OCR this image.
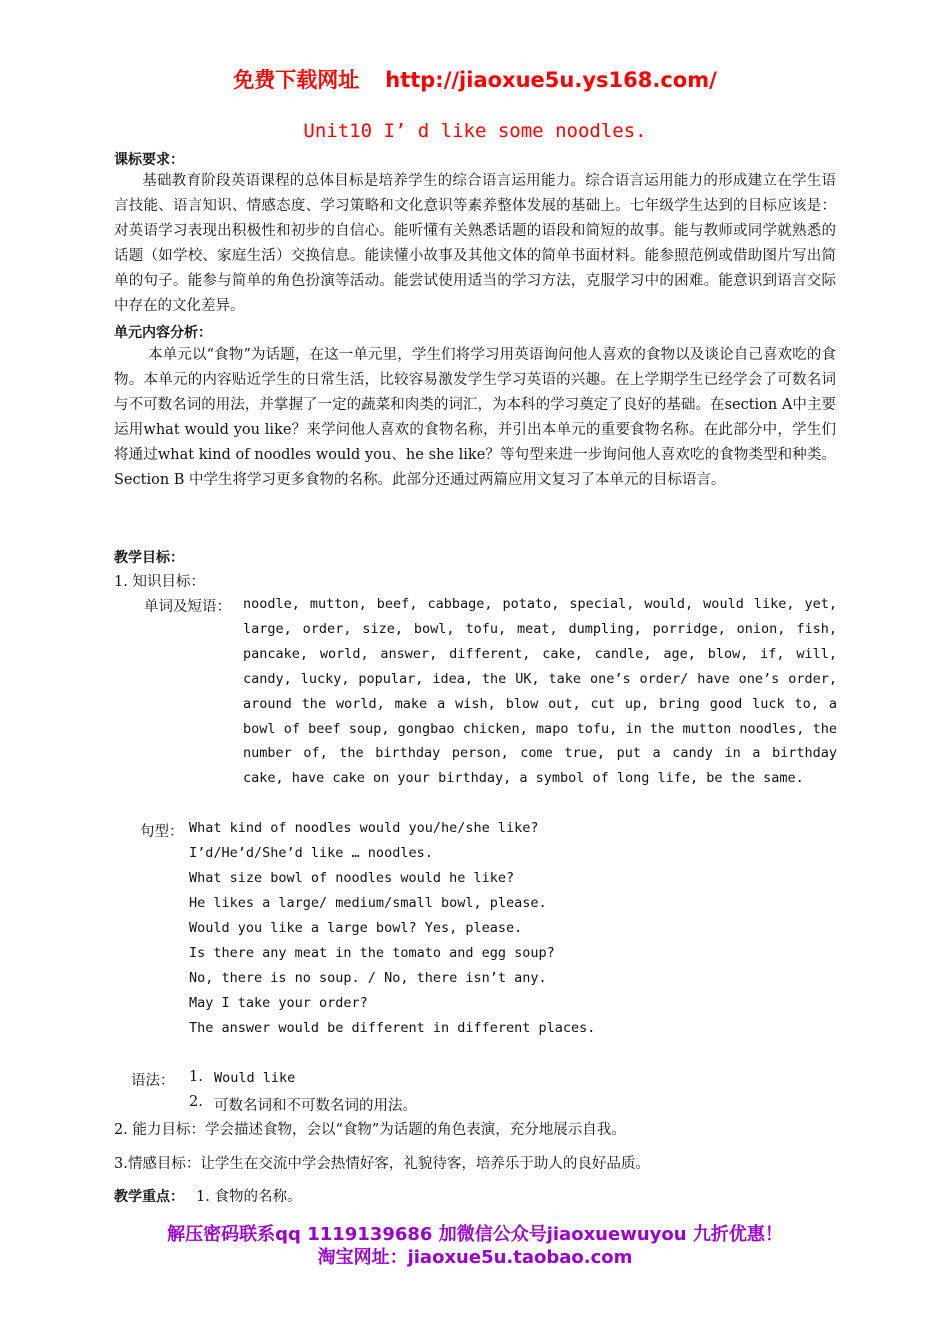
免费下载网址 http://jiaoxue5u.ys168.com/
Unit10 I’ d like some noodles.
课标要求：

基础教育阶段英语课程的总体目标是培养学生的综合语言运用能力。综合语言运用能力的形成建立在学生语言技能、语言知识、情感态度、学习策略和文化意识等素养整体发展的基础上。七年级学生达到的目标应该是：对英语学习表现出积极性和初步的自信心。能听懂有关熟悉话题的语段和简短的故事。能与教师或同学就熟悉的话题（如学校、家庭生活）交换信息。能读懂小故事及其他文体的简单书面材料。能参照范例或借助图片写出简单的句子。能参与简单的角色扮演等活动。能尝试使用适当的学习方法，克服学习中的困难。能意识到语言交际中存在的文化差异。

单元内容分析：

本单元以“食物”为话题，在这一单元里，学生们将学习用英语询问他人喜欢的食物以及谈论自己喜欢吃的食物。本单元的内容贴近学生的日常生活，比较容易激发学生学习英语的兴趣。在上学期学生已经学会了可数名词与不可数名词的用法，并掌握了一定的蔬菜和肉类的词汇，为本科的学习奠定了良好的基础。在section A中主要运用what would you like？来学问他人喜欢的食物名称，并引出本单元的重要食物名称。在此部分中，学生们将通过what kind of noodles would you、he she like？等句型来进一步询问他人喜欢吃的食物类型和种类。Section B 中学生将学习更多食物的名称。此部分还通过两篇应用文复习了本单元的目标语言。

教学目标：
1. 知识目标：
单词及短语： noodle, mutton, beef, cabbage, potato, special, would, would like, yet, large, order, size, bowl, tofu, meat, dumpling, porridge, onion, fish, pancake, world, answer, different, cake, candle, age, blow, if, will, candy, lucky, popular, idea, the UK, take one’s order/ have one’s order, around the world, make a wish, blow out, cut up, bring good luck to, a bowl of beef soup, gongbao chicken, mapo tofu, in the mutton noodles, the number of, the birthday person, come true, put a candy in a birthday cake, have cake on your birthday, a symbol of long life, be the same.

句型： What kind of noodles would you/he/she like?
I’d/He’d/She’d like … noodles.
What size bowl of noodles would he like?
He likes a large/ medium/small bowl, please.
Would you like a large bowl? Yes, please.
Is there any meat in the tomato and egg soup?
No, there is no soup. / No, there isn’t any.
May I take your order?
The answer would be different in different places.
语法： 1. Would like
2. 可数名词和不可数名词的用法。
2. 能力目标：学会描述食物，会以“食物”为话题的角色表演，充分地展示自我。
3.情感目标：让学生在交流中学会热情好客，礼貌待客，培养乐于助人的良好品质。
教学重点： 1. 食物的名称。
解压密码联系qq 1119139686 加微信公众号jiaoxuewuyou 九折优惠！
淘宝网址：jiaoxue5u.taobao.com
